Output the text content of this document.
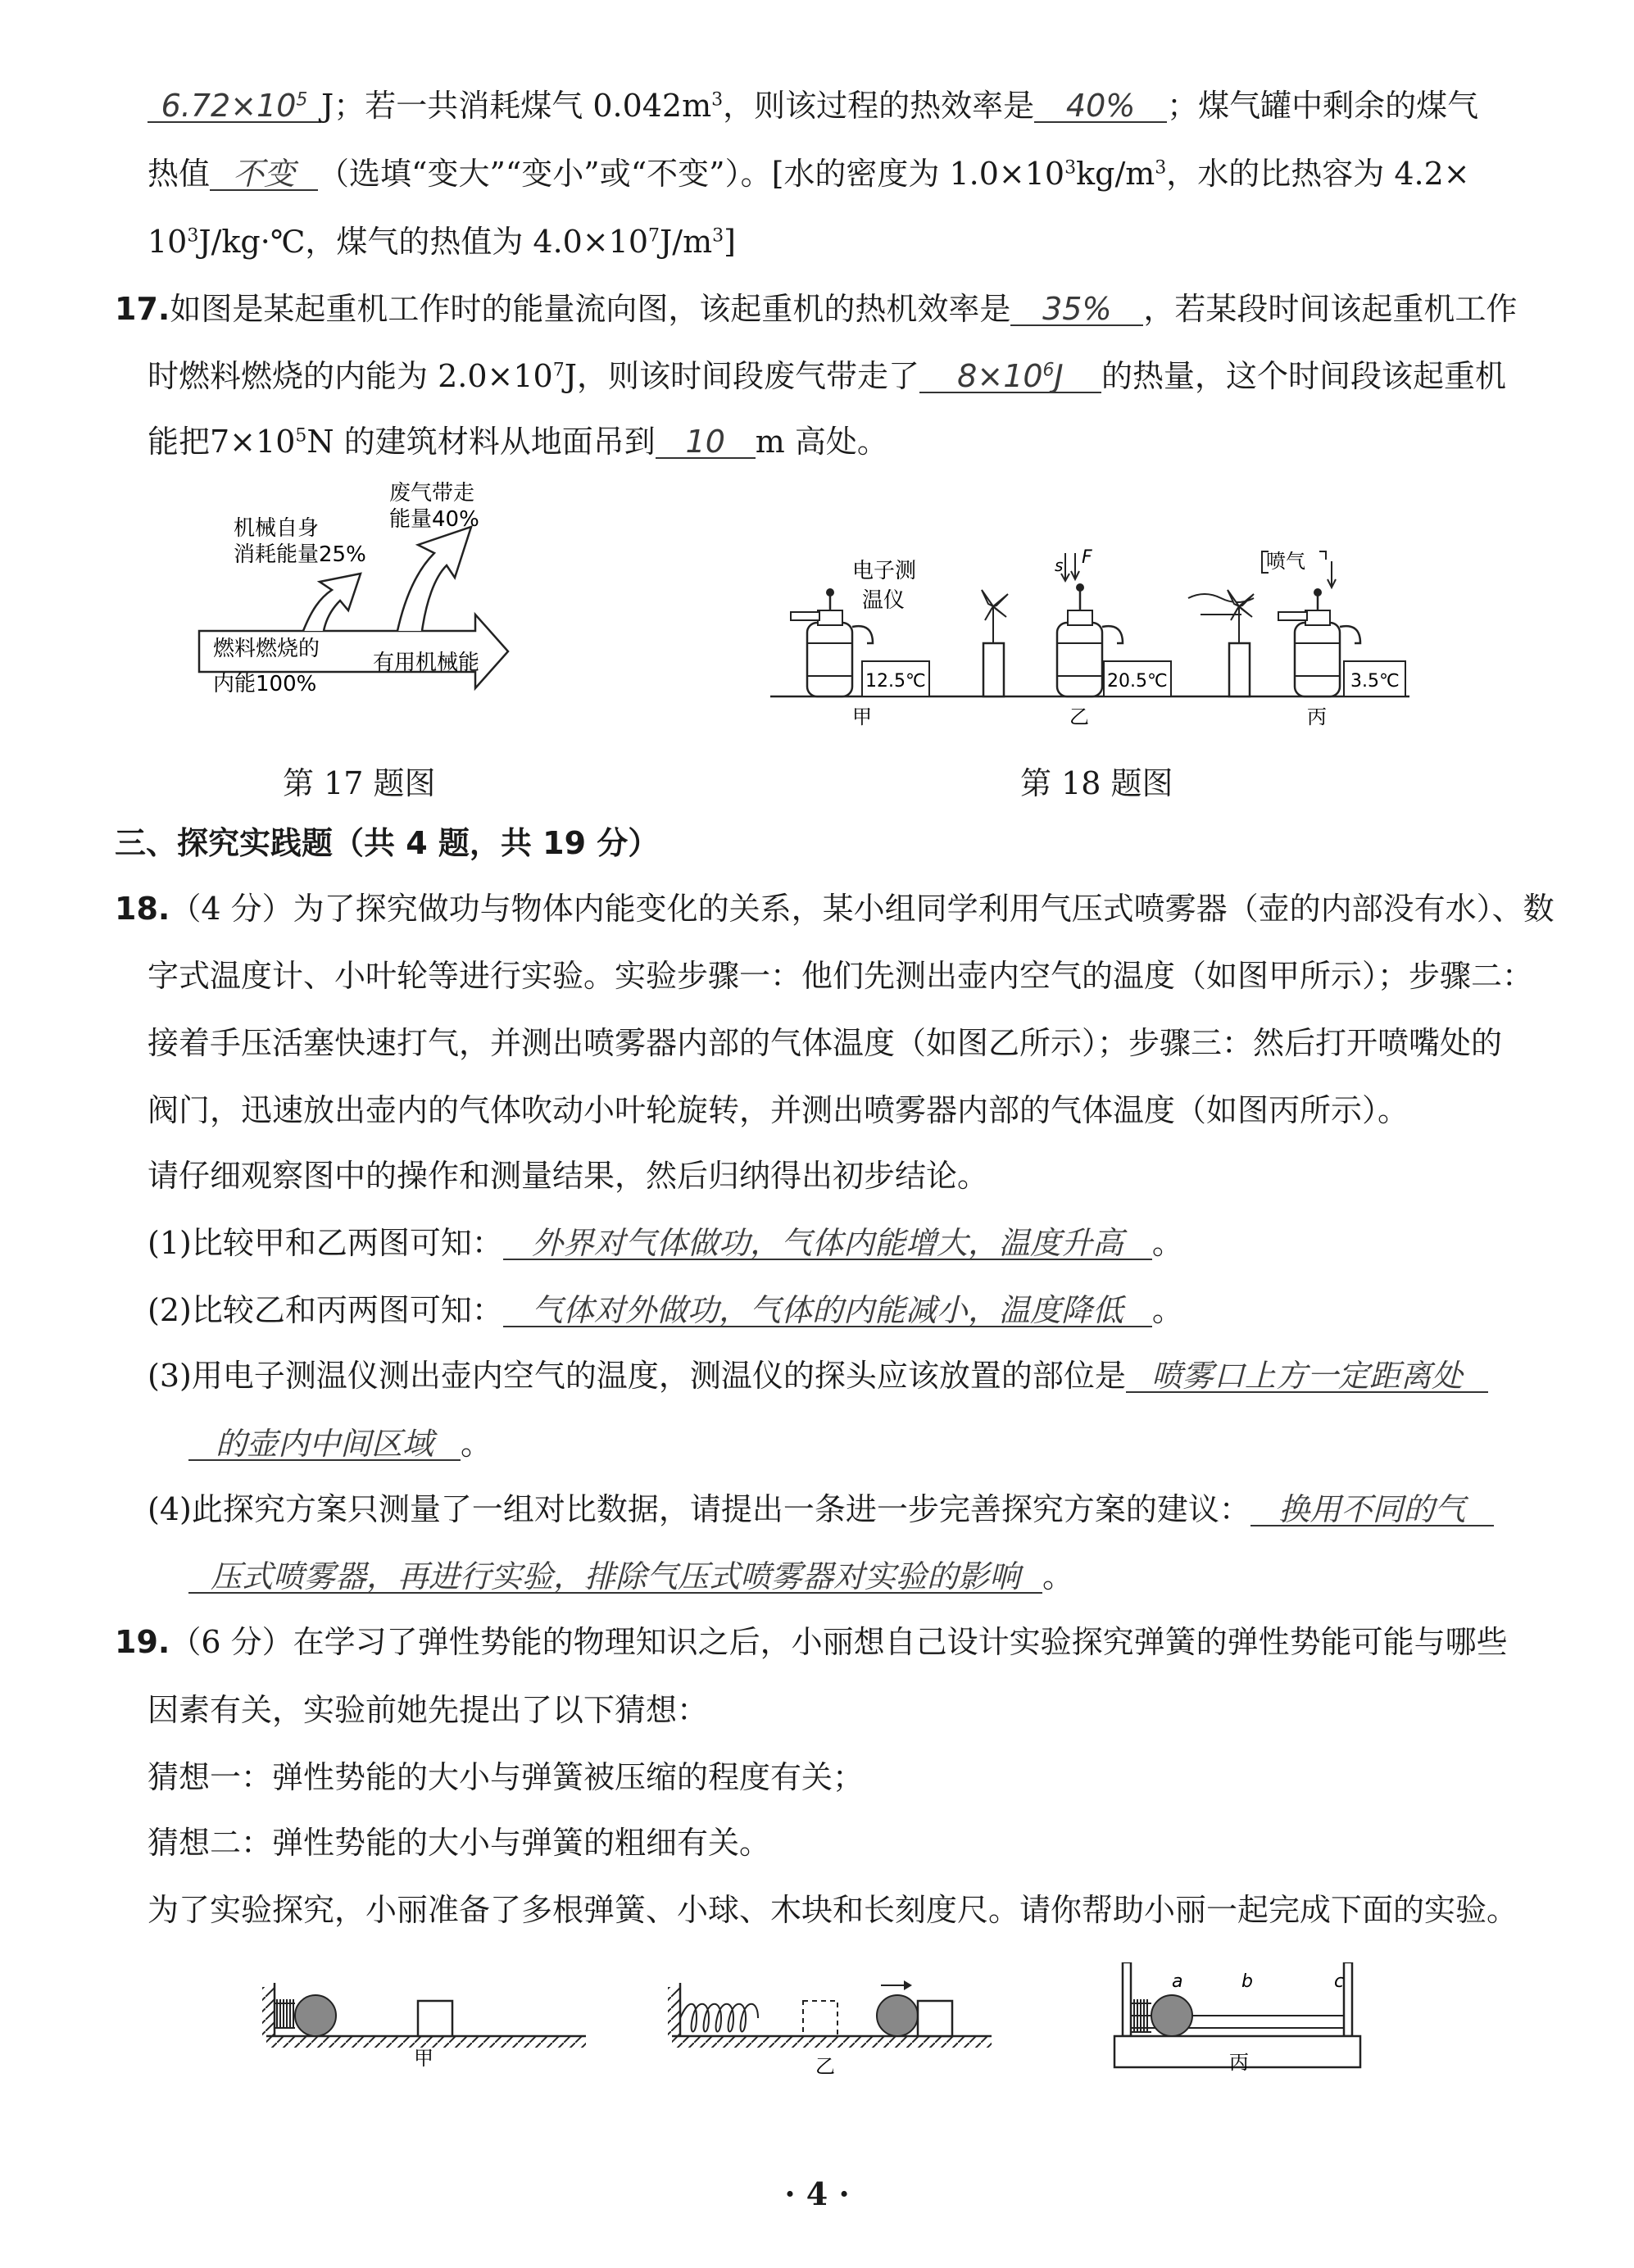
$6.72\times 10^5$ J；若一共消耗煤气 $0.042m^3$，则该过程的热效率是 40% ；煤气罐中剩余的煤气
热值 不变 （选填“变大”“变小”或“不变”）。[水的密度为 $1.0\times 10^3kg/m^3$，水的比热容为 4.2×
$10^3J/kg\cdot℃$，煤气的热值为 $4.0\times 10^7J/m^3$]
17.如图是某起重机工作时的能量流向图，该起重机的热机效率是 35% ，若某段时间该起重机工作
时燃料燃烧的内能为 $2.0\times 10^7J$，则该时间段废气带走了 $8\times 10^6J$ 的热量，这个时间段该起重机
能把$7\times 10^5N$ 的建筑材料从地面吊到 10 m 高处。
废气带走
能量40%
机械自身
消耗能量25%
燃料燃烧的
内能100%
有用机械能
第 17 题图
电子测
温仪
12.5℃
甲
s F
20.5℃
乙
喷气
3.5℃
丙
第 18 题图
三、探究实践题（共 4 题，共 19 分）
18.（4 分）为了探究做功与物体内能变化的关系，某小组同学利用气压式喷雾器（壶的内部没有水）、数
字式温度计、小叶轮等进行实验。实验步骤一：他们先测出壶内空气的温度（如图甲所示）；步骤二：
接着手压活塞快速打气，并测出喷雾器内部的气体温度（如图乙所示）；步骤三：然后打开喷嘴处的
阀门，迅速放出壶内的气体吹动小叶轮旋转，并测出喷雾器内部的气体温度（如图丙所示）。
请仔细观察图中的操作和测量结果，然后归纳得出初步结论。
(1)比较甲和乙两图可知： 外界对气体做功，气体内能增大，温度升高 。
(2)比较乙和丙两图可知： 气体对外做功，气体的内能减小，温度降低 。
(3)用电子测温仪测出壶内空气的温度，测温仪的探头应该放置的部位是 喷雾口上方一定距离处
的壶内中间区域 。
(4)此探究方案只测量了一组对比数据，请提出一条进一步完善探究方案的建议： 换用不同的气
压式喷雾器，再进行实验，排除气压式喷雾器对实验的影响 。
19.（6 分）在学习了弹性势能的物理知识之后，小丽想自己设计实验探究弹簧的弹性势能可能与哪些
因素有关，实验前她先提出了以下猜想：
猜想一：弹性势能的大小与弹簧被压缩的程度有关；
猜想二：弹性势能的大小与弹簧的粗细有关。
为了实验探究，小丽准备了多根弹簧、小球、木块和长刻度尺。请你帮助小丽一起完成下面的实验。
甲	乙
a	b	c
丙
· 4 ·
